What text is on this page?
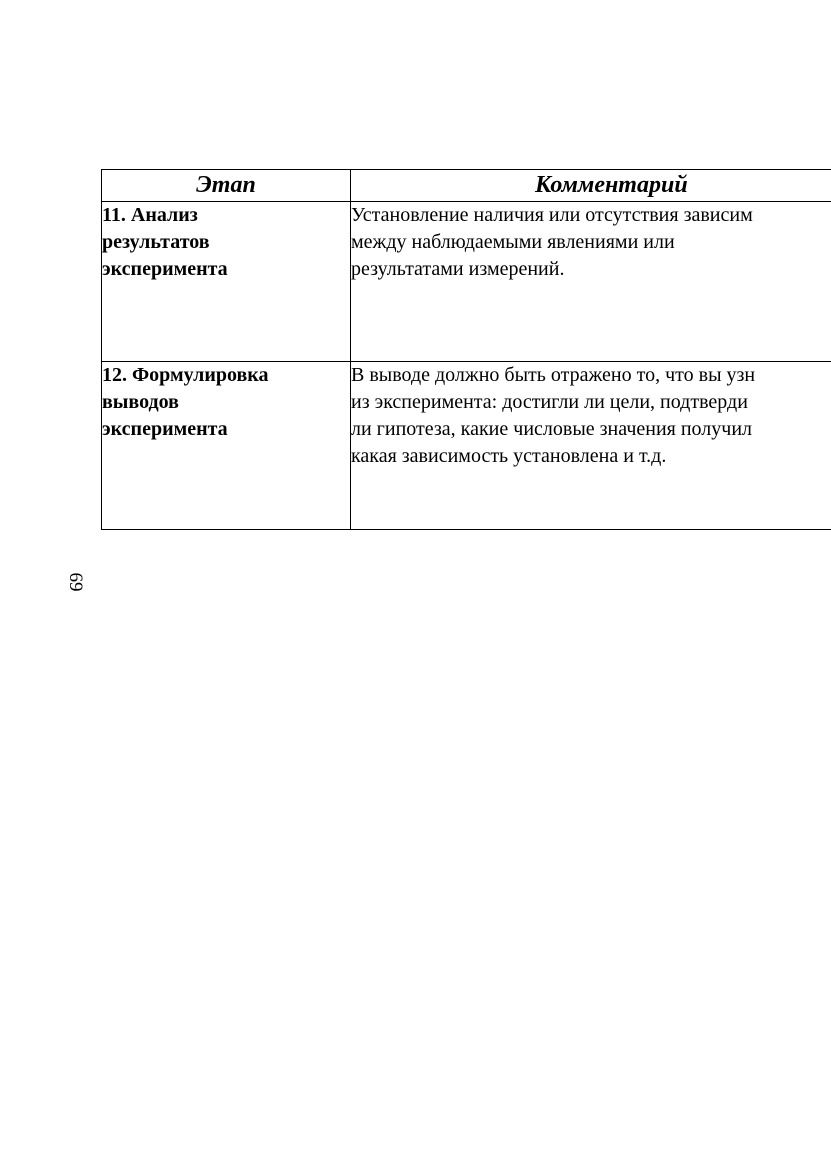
69
Этап	Комментарий

11. Анализ
результатов
эксперимента	Установление наличия или отсутствия зависим
между наблюдаемыми явлениями или
результатами измерений.

12. Формулировка
выводов
эксперимента	В выводе должно быть отражено то, что вы узн
из эксперимента: достигли ли цели, подтверди
ли гипотеза, какие числовые значения получил
какая зависимость установлена и т.д.
